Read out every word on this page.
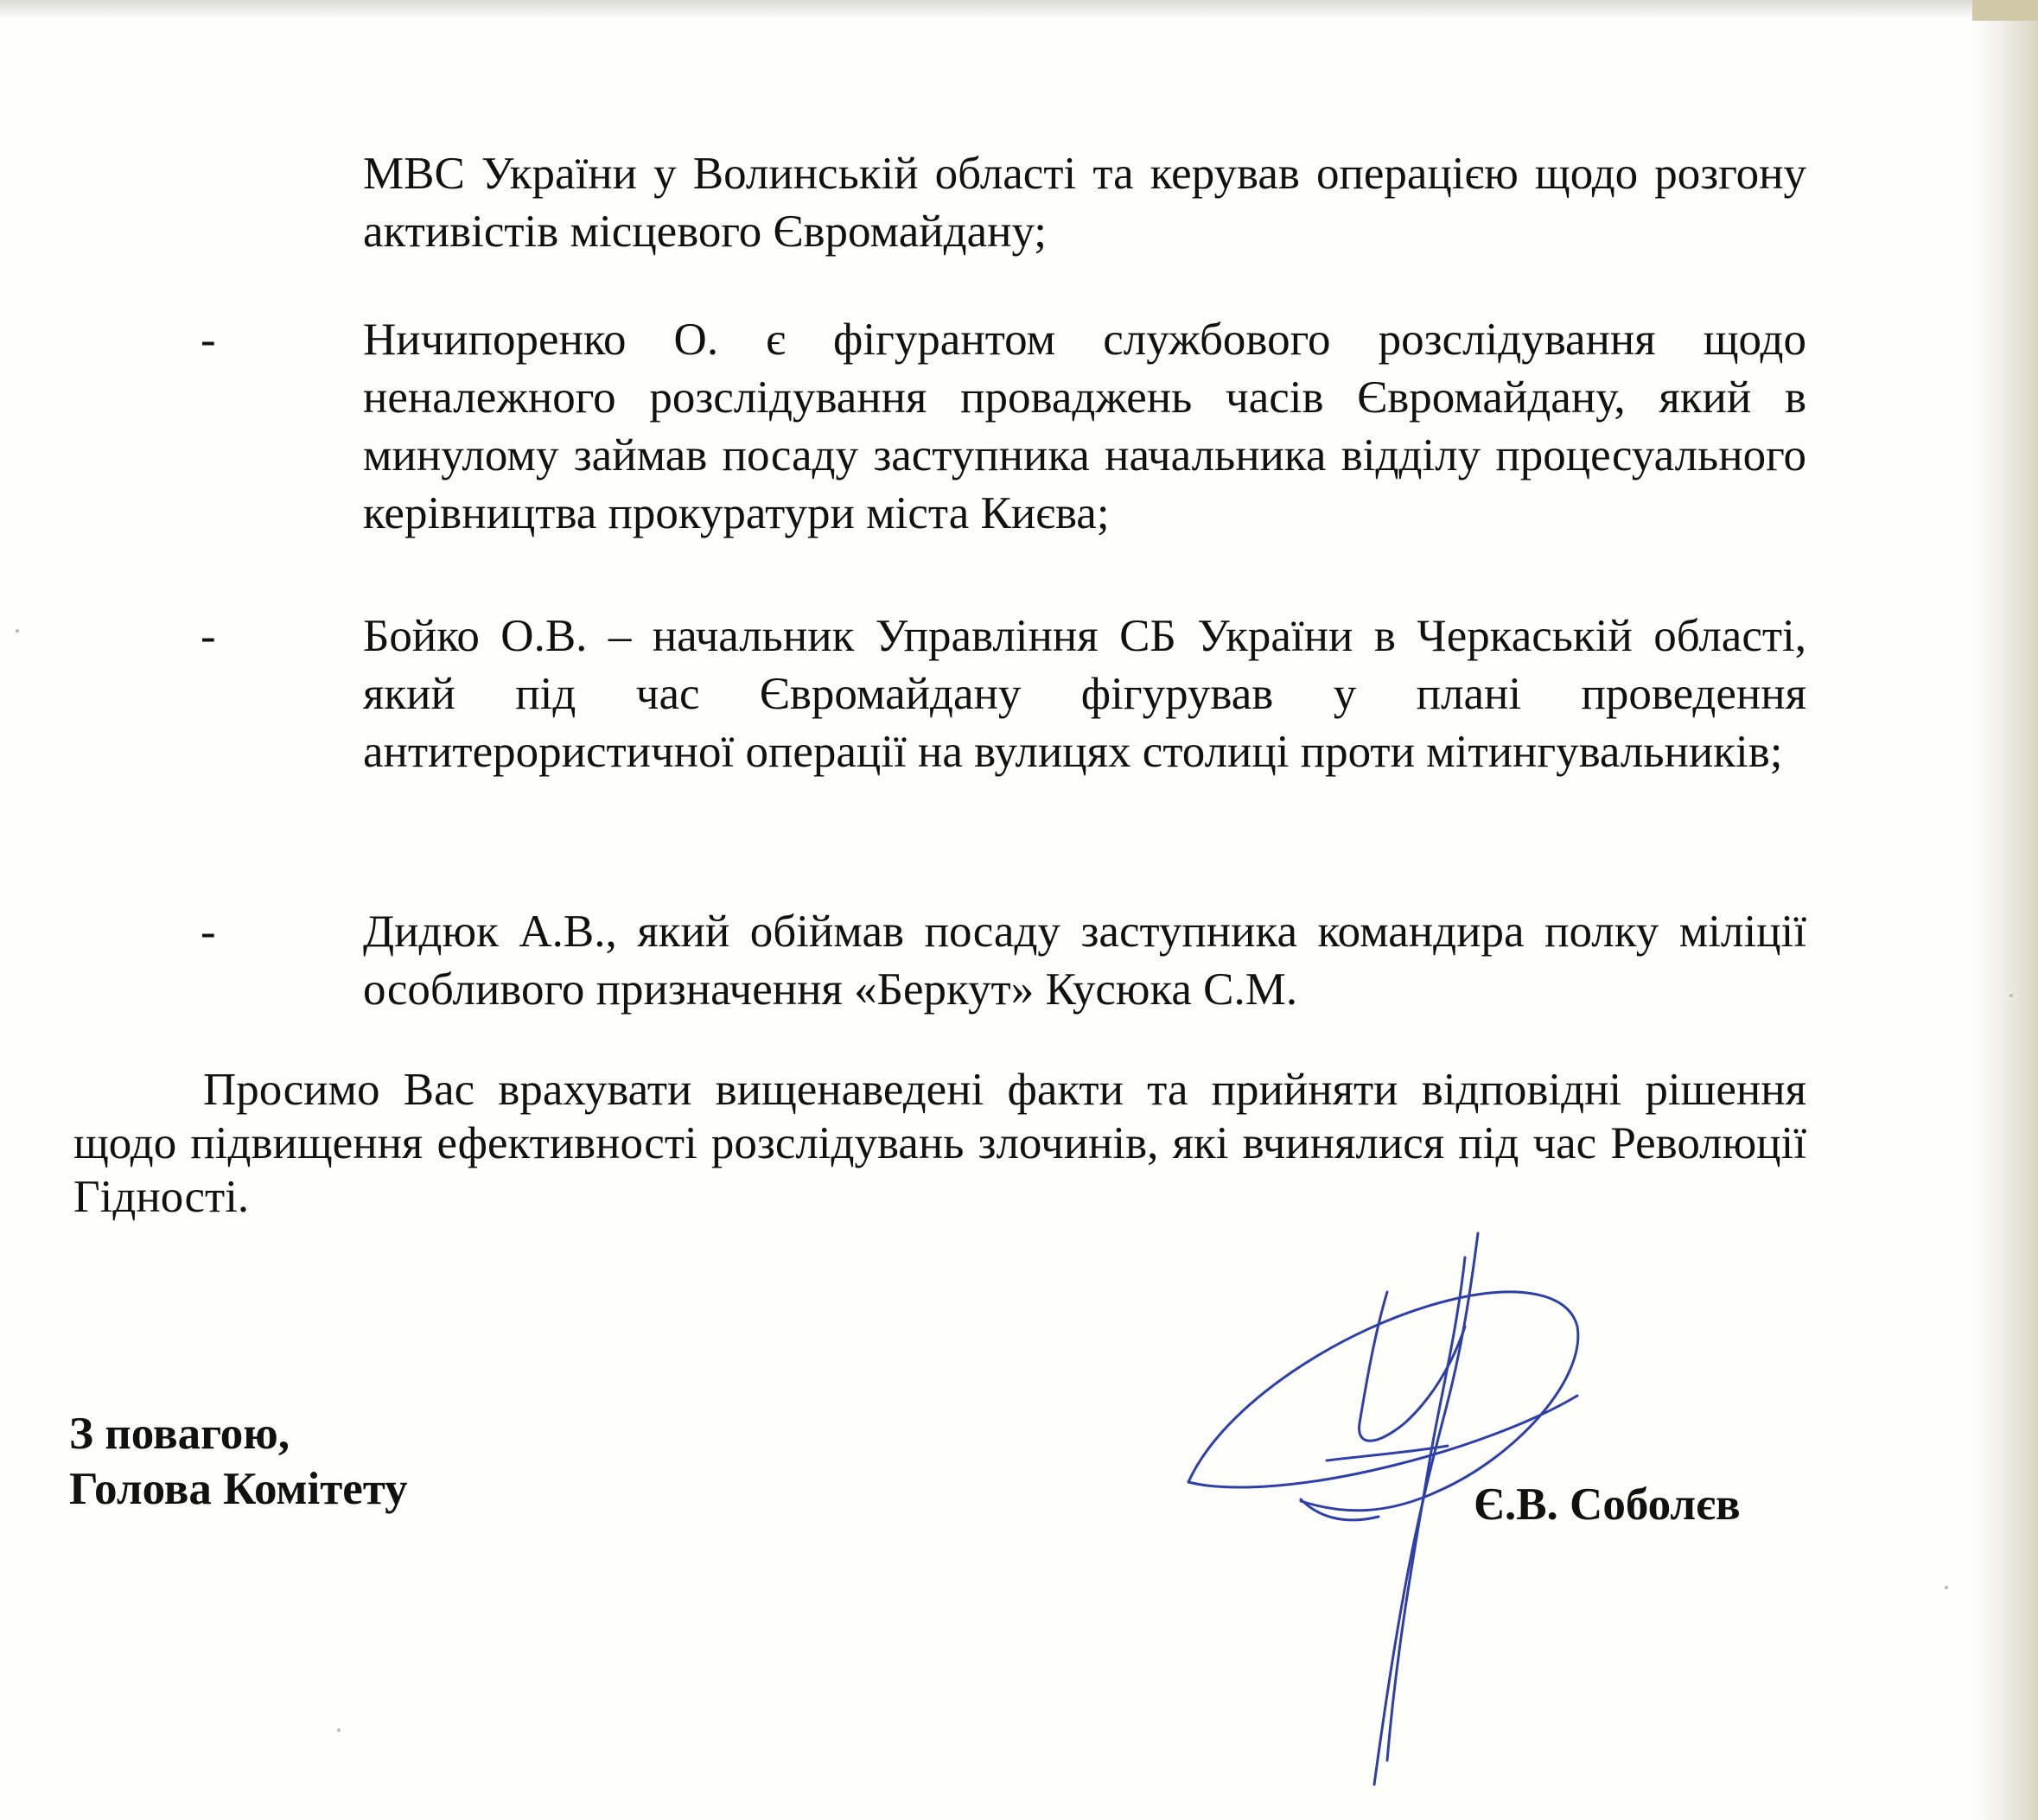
МВС України у Волинській області та керував операцією щодо розгону активістів місцевого Євромайдану;
-	Ничипоренко О. є фігурантом службового розслідування щодо неналежного розслідування проваджень часів Євромайдану, який в минулому займав посаду заступника начальника відділу процесуального керівництва прокуратури міста Києва;
-	Бойко О.В. – начальник Управління СБ України в Черкаській області, який під час Євромайдану фігурував у плані проведення антитерористичної операції на вулицях столиці проти мітингувальників;
-	Дидюк А.В., який обіймав посаду заступника командира полку міліції особливого призначення «Беркут» Кусюка С.М.
Просимо Вас врахувати вищенаведені факти та прийняти відповідні рішення щодо підвищення ефективності розслідувань злочинів, які вчинялися під час Революції Гідності.
З повагою,
Голова Комітету	Є.В. Соболєв
